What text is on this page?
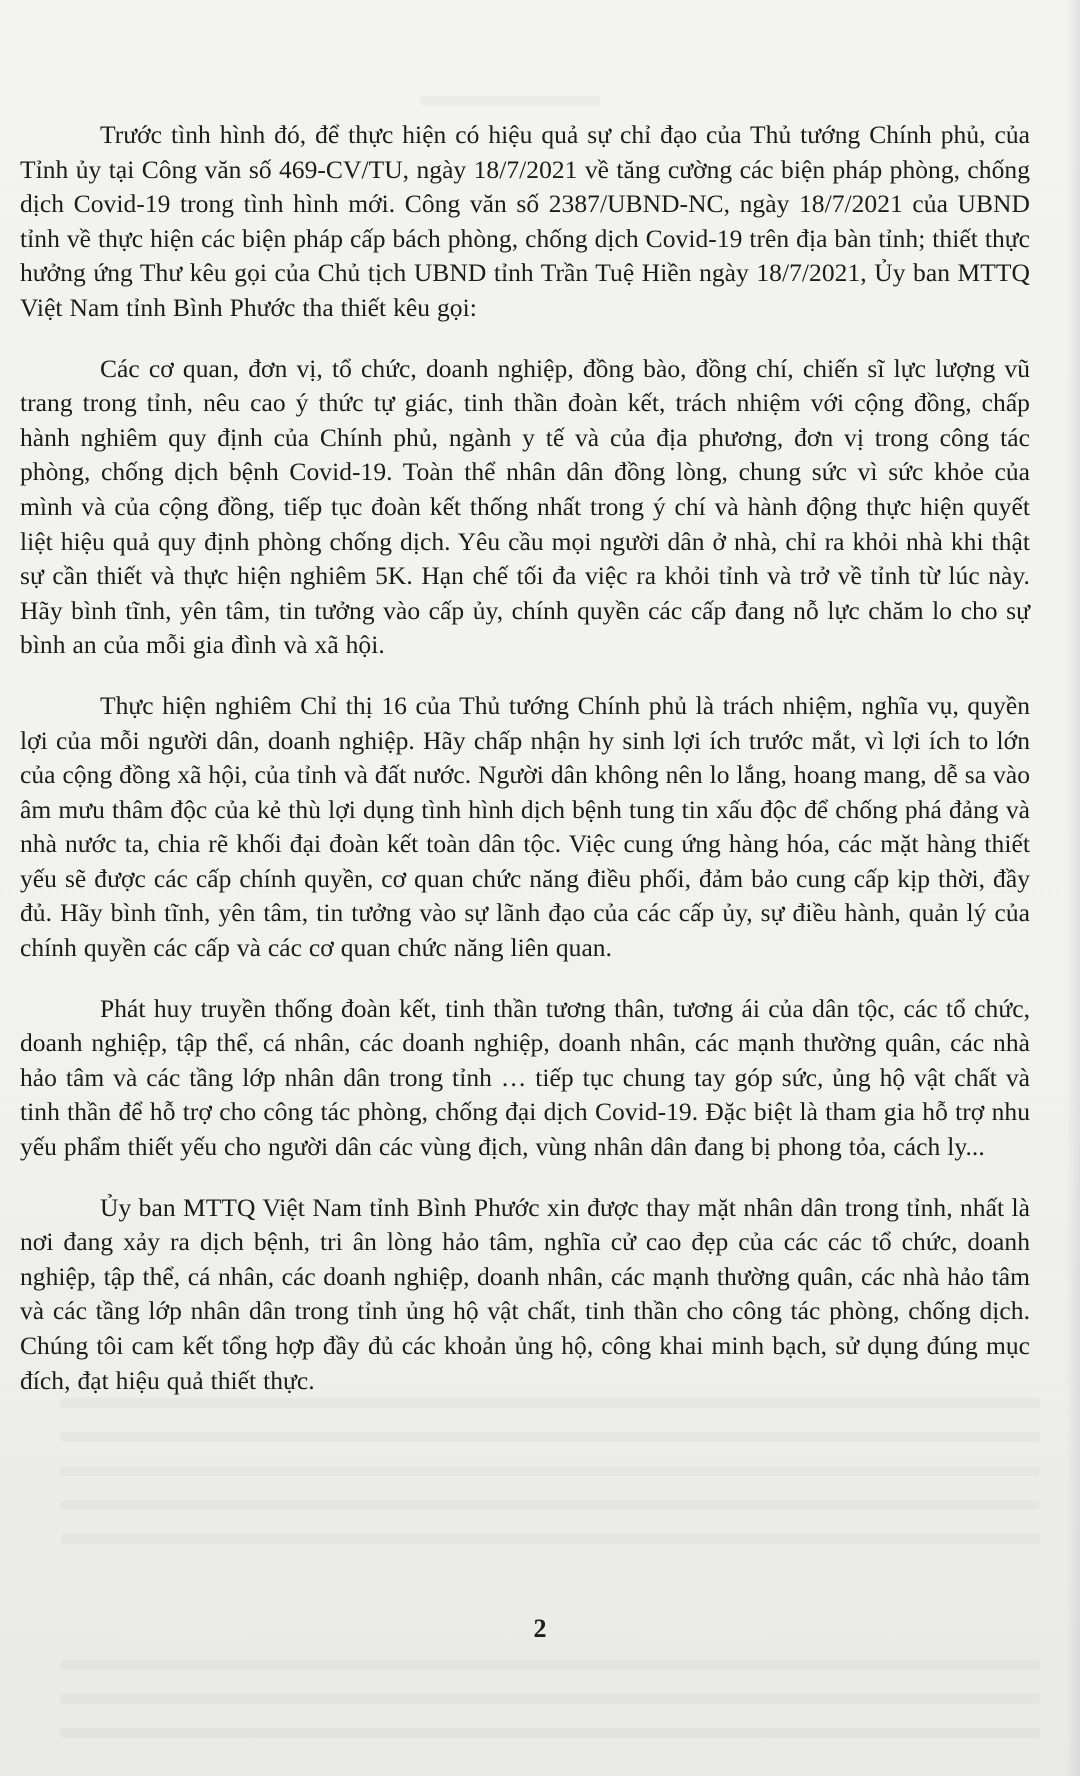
Trước tình hình đó, để thực hiện có hiệu quả sự chỉ đạo của Thủ tướng Chính phủ, của Tỉnh ủy tại Công văn số 469-CV/TU, ngày 18/7/2021 về tăng cường các biện pháp phòng, chống dịch Covid-19 trong tình hình mới. Công văn số 2387/UBND-NC, ngày 18/7/2021 của UBND tỉnh về thực hiện các biện pháp cấp bách phòng, chống dịch Covid-19 trên địa bàn tỉnh; thiết thực hưởng ứng Thư kêu gọi của Chủ tịch UBND tỉnh Trần Tuệ Hiền ngày 18/7/2021, Ủy ban MTTQ Việt Nam tỉnh Bình Phước tha thiết kêu gọi:

Các cơ quan, đơn vị, tổ chức, doanh nghiệp, đồng bào, đồng chí, chiến sĩ lực lượng vũ trang trong tỉnh, nêu cao ý thức tự giác, tinh thần đoàn kết, trách nhiệm với cộng đồng, chấp hành nghiêm quy định của Chính phủ, ngành y tế và của địa phương, đơn vị trong công tác phòng, chống dịch bệnh Covid-19. Toàn thể nhân dân đồng lòng, chung sức vì sức khỏe của mình và của cộng đồng, tiếp tục đoàn kết thống nhất trong ý chí và hành động thực hiện quyết liệt hiệu quả quy định phòng chống dịch. Yêu cầu mọi người dân ở nhà, chỉ ra khỏi nhà khi thật sự cần thiết và thực hiện nghiêm 5K. Hạn chế tối đa việc ra khỏi tỉnh và trở về tỉnh từ lúc này. Hãy bình tĩnh, yên tâm, tin tưởng vào cấp ủy, chính quyền các cấp đang nỗ lực chăm lo cho sự bình an của mỗi gia đình và xã hội.

Thực hiện nghiêm Chỉ thị 16 của Thủ tướng Chính phủ là trách nhiệm, nghĩa vụ, quyền lợi của mỗi người dân, doanh nghiệp. Hãy chấp nhận hy sinh lợi ích trước mắt, vì lợi ích to lớn của cộng đồng xã hội, của tỉnh và đất nước. Người dân không nên lo lắng, hoang mang, dễ sa vào âm mưu thâm độc của kẻ thù lợi dụng tình hình dịch bệnh tung tin xấu độc để chống phá đảng và nhà nước ta, chia rẽ khối đại đoàn kết toàn dân tộc. Việc cung ứng hàng hóa, các mặt hàng thiết yếu sẽ được các cấp chính quyền, cơ quan chức năng điều phối, đảm bảo cung cấp kịp thời, đầy đủ. Hãy bình tĩnh, yên tâm, tin tưởng vào sự lãnh đạo của các cấp ủy, sự điều hành, quản lý của chính quyền các cấp và các cơ quan chức năng liên quan.

Phát huy truyền thống đoàn kết, tinh thần tương thân, tương ái của dân tộc, các tổ chức, doanh nghiệp, tập thể, cá nhân, các doanh nghiệp, doanh nhân, các mạnh thường quân, các nhà hảo tâm và các tầng lớp nhân dân trong tỉnh … tiếp tục chung tay góp sức, ủng hộ vật chất và tinh thần để hỗ trợ cho công tác phòng, chống đại dịch Covid-19. Đặc biệt là tham gia hỗ trợ nhu yếu phẩm thiết yếu cho người dân các vùng địch, vùng nhân dân đang bị phong tỏa, cách ly...

Ủy ban MTTQ Việt Nam tỉnh Bình Phước xin được thay mặt nhân dân trong tỉnh, nhất là nơi đang xảy ra dịch bệnh, tri ân lòng hảo tâm, nghĩa cử cao đẹp của các các tổ chức, doanh nghiệp, tập thể, cá nhân, các doanh nghiệp, doanh nhân, các mạnh thường quân, các nhà hảo tâm và các tầng lớp nhân dân trong tỉnh ủng hộ vật chất, tinh thần cho công tác phòng, chống dịch. Chúng tôi cam kết tổng hợp đầy đủ các khoản ủng hộ, công khai minh bạch, sử dụng đúng mục đích, đạt hiệu quả thiết thực.

2
